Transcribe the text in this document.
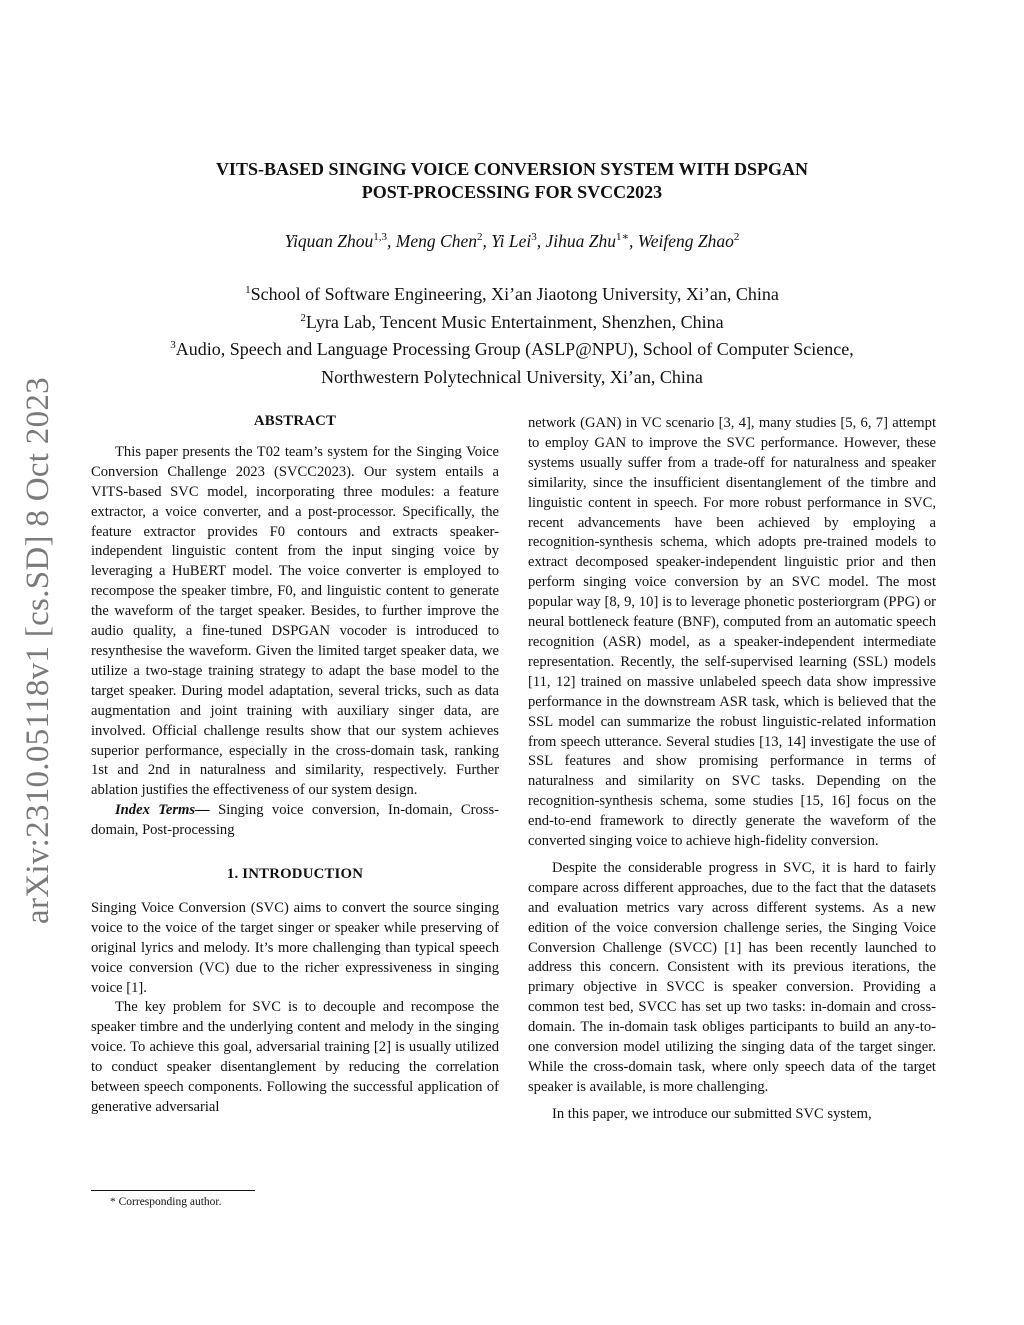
arXiv:2310.05118v1 [cs.SD] 8 Oct 2023
VITS-BASED SINGING VOICE CONVERSION SYSTEM WITH DSPGAN
POST-PROCESSING FOR SVCC2023
Yiquan Zhou$^{1,3}$, Meng Chen$^2$, Yi Lei$^3$, Jihua Zhu$^{1∗}$, Weifeng Zhao$^2$
$^1$School of Software Engineering, Xi’an Jiaotong University, Xi’an, China
$^2$Lyra Lab, Tencent Music Entertainment, Shenzhen, China
$^3$Audio, Speech and Language Processing Group (ASLP@NPU), School of Computer Science,
Northwestern Polytechnical University, Xi’an, China
ABSTRACT

This paper presents the T02 team’s system for the Singing Voice Conversion Challenge 2023 (SVCC2023). Our system entails a VITS-based SVC model, incorporating three modules: a feature extractor, a voice converter, and a post-processor. Specifically, the feature extractor provides F0 contours and extracts speaker-independent linguistic content from the input singing voice by leveraging a HuBERT model. The voice converter is employed to recompose the speaker timbre, F0, and linguistic content to generate the waveform of the target speaker. Besides, to further improve the audio quality, a fine-tuned DSPGAN vocoder is introduced to resynthesise the waveform. Given the limited target speaker data, we utilize a two-stage training strategy to adapt the base model to the target speaker. During model adaptation, several tricks, such as data augmentation and joint training with auxiliary singer data, are involved. Official challenge results show that our system achieves superior performance, especially in the cross-domain task, ranking 1st and 2nd in naturalness and similarity, respectively. Further ablation justifies the effectiveness of our system design.

Index Terms— Singing voice conversion, In-domain, Cross-domain, Post-processing

1. INTRODUCTION

Singing Voice Conversion (SVC) aims to convert the source singing voice to the voice of the target singer or speaker while preserving of original lyrics and melody. It’s more challenging than typical speech voice conversion (VC) due to the richer expressiveness in singing voice [1].

The key problem for SVC is to decouple and recompose the speaker timbre and the underlying content and melody in the singing voice. To achieve this goal, adversarial training [2] is usually utilized to conduct speaker disentanglement by reducing the correlation between speech components. Following the successful application of generative adversarial

network (GAN) in VC scenario [3, 4], many studies [5, 6, 7] attempt to employ GAN to improve the SVC performance. However, these systems usually suffer from a trade-off for naturalness and speaker similarity, since the insufficient disentanglement of the timbre and linguistic content in speech. For more robust performance in SVC, recent advancements have been achieved by employing a recognition-synthesis schema, which adopts pre-trained models to extract decomposed speaker-independent linguistic prior and then perform singing voice conversion by an SVC model. The most popular way [8, 9, 10] is to leverage phonetic posteriorgram (PPG) or neural bottleneck feature (BNF), computed from an automatic speech recognition (ASR) model, as a speaker-independent intermediate representation. Recently, the self-supervised learning (SSL) models [11, 12] trained on massive unlabeled speech data show impressive performance in the downstream ASR task, which is believed that the SSL model can summarize the robust linguistic-related information from speech utterance. Several studies [13, 14] investigate the use of SSL features and show promising performance in terms of naturalness and similarity on SVC tasks. Depending on the recognition-synthesis schema, some studies [15, 16] focus on the end-to-end framework to directly generate the waveform of the converted singing voice to achieve high-fidelity conversion.

Despite the considerable progress in SVC, it is hard to fairly compare across different approaches, due to the fact that the datasets and evaluation metrics vary across different systems. As a new edition of the voice conversion challenge series, the Singing Voice Conversion Challenge (SVCC) [1] has been recently launched to address this concern. Consistent with its previous iterations, the primary objective in SVCC is speaker conversion. Providing a common test bed, SVCC has set up two tasks: in-domain and cross-domain. The in-domain task obliges participants to build an any-to-one conversion model utilizing the singing data of the target singer. While the cross-domain task, where only speech data of the target speaker is available, is more challenging.

In this paper, we introduce our submitted SVC system,

* Corresponding author.
